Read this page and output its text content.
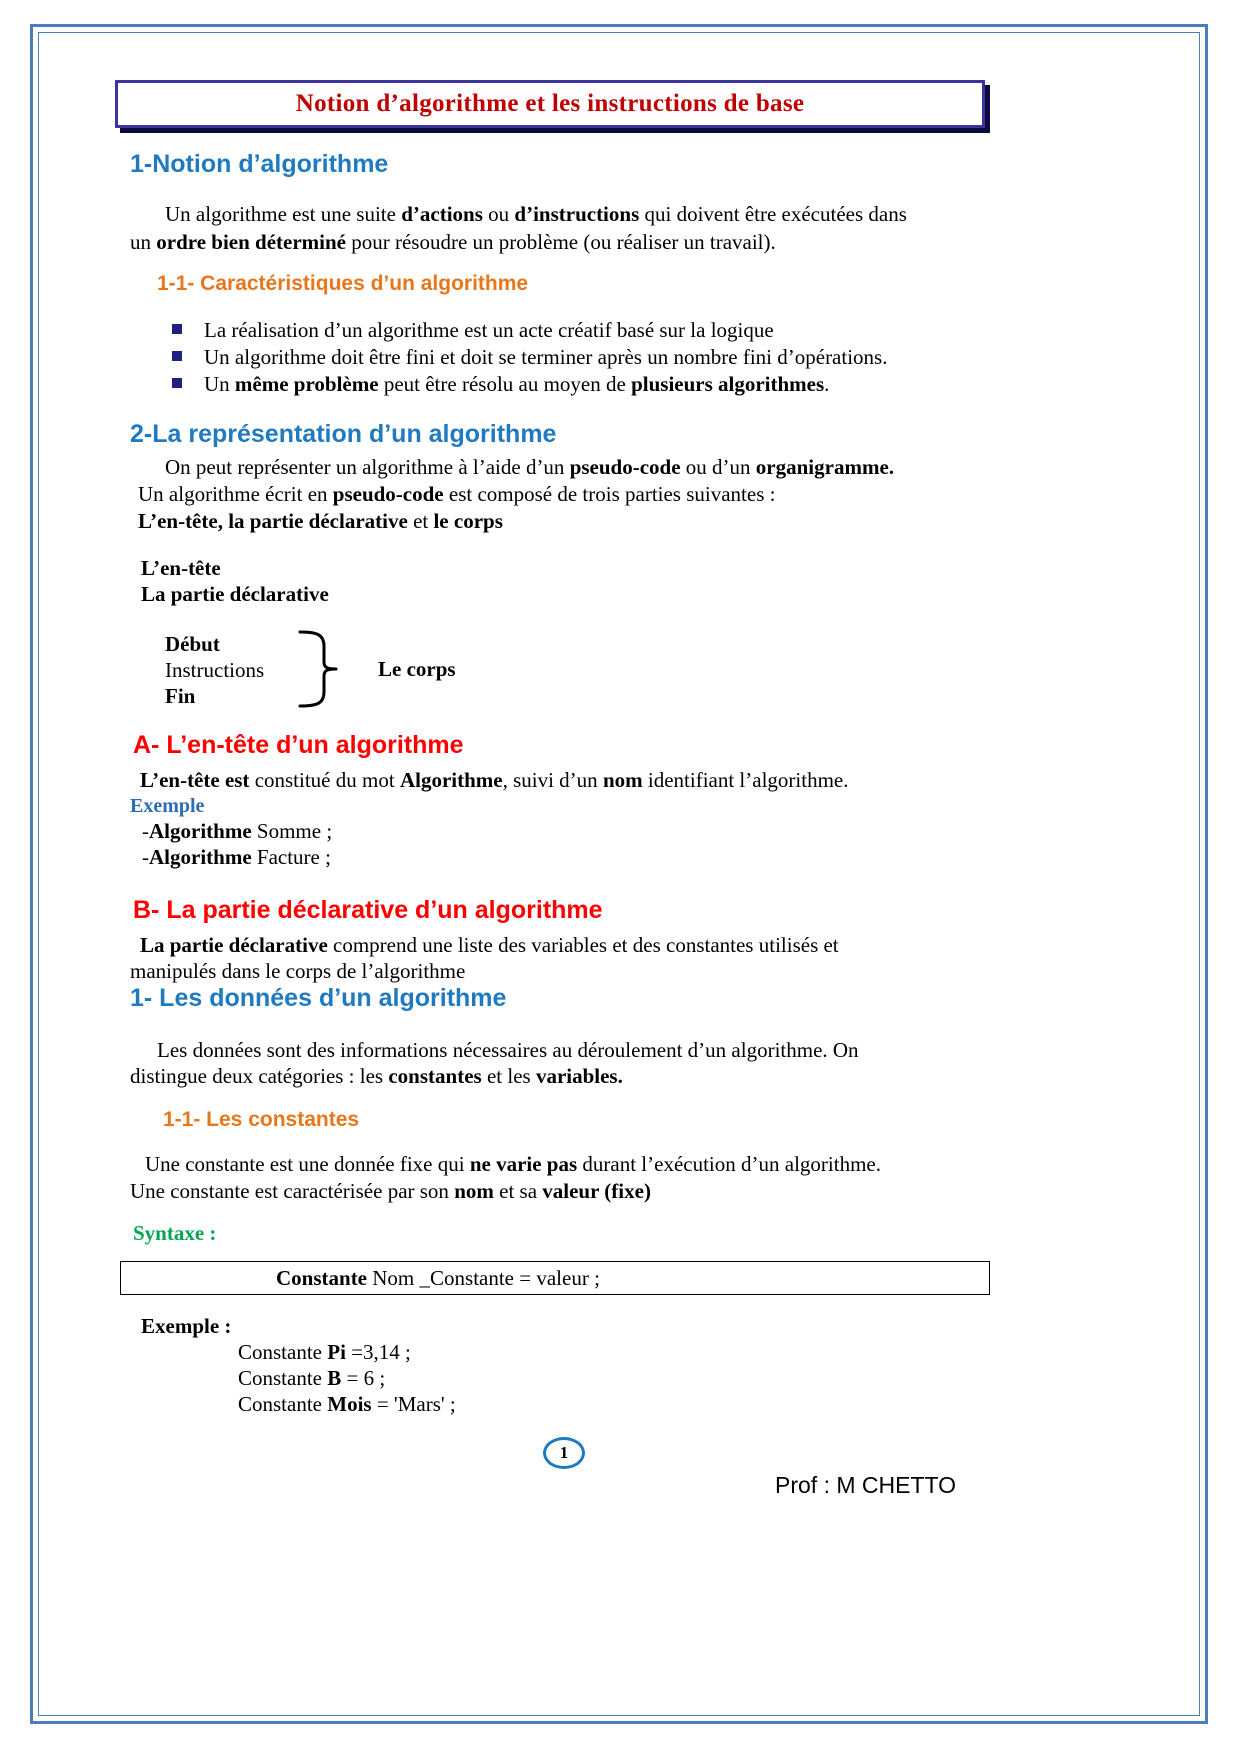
Notion d’algorithme et les instructions de base
1-Notion d’algorithme
Un algorithme est une suite d’actions ou d’instructions qui doivent être exécutées dans
un ordre bien déterminé pour résoudre un problème (ou réaliser un travail).
1-1- Caractéristiques d’un algorithme
La réalisation d’un algorithme est un acte créatif basé sur la logique
Un algorithme doit être fini et doit se terminer après un nombre fini d’opérations.
Un même problème peut être résolu au moyen de plusieurs algorithmes.
2-La représentation d’un algorithme
On peut représenter un algorithme à l’aide d’un pseudo-code ou d’un organigramme.
Un algorithme écrit en pseudo-code est composé de trois parties suivantes :
L’en-tête, la partie déclarative et le corps
L’en-tête
La partie déclarative
Début
Instructions
Fin
Le corps
A- L’en-tête d’un algorithme
L’en-tête est constitué du mot Algorithme, suivi d’un nom identifiant l’algorithme.
Exemple
-Algorithme Somme ;
-Algorithme Facture ;
B- La partie déclarative d’un algorithme
La partie déclarative comprend une liste des variables et des constantes utilisés et
manipulés dans le corps de l’algorithme
1- Les données d’un algorithme
Les données sont des informations nécessaires au déroulement d’un algorithme. On
distingue deux catégories : les constantes et les variables.
1-1- Les constantes
Une constante est une donnée fixe qui ne varie pas durant l’exécution d’un algorithme.
Une constante est caractérisée par son nom et sa valeur (fixe)
Syntaxe :
Constante Nom _Constante = valeur ;
Exemple :
Constante Pi =3,14 ;
Constante B = 6 ;
Constante Mois = 'Mars' ;
1
Prof : M CHETTO
